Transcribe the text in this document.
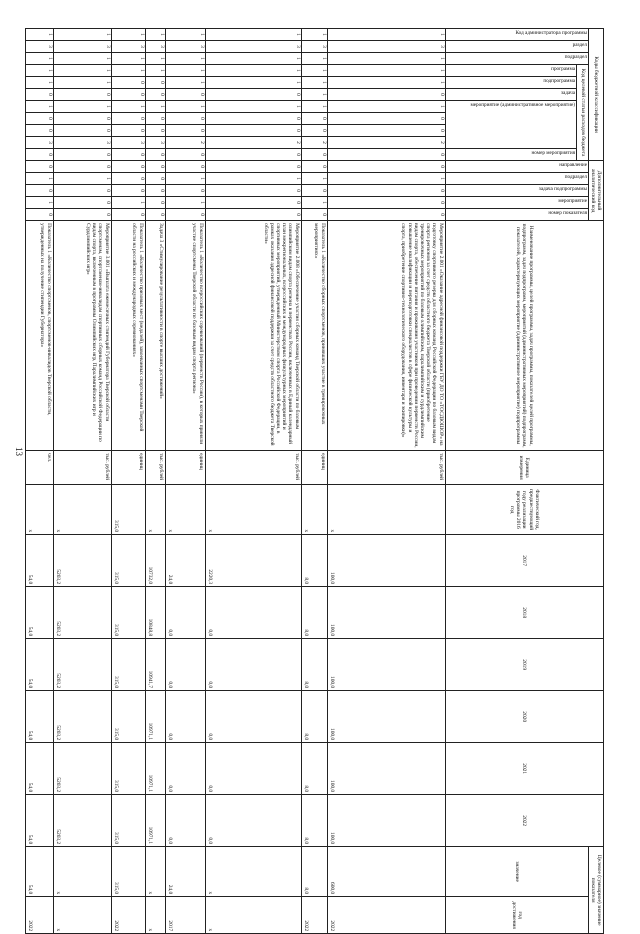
13
Коды бюджетной классификации											Дополнительный аналитический код					Наименование программы, целей программы, задач программы, показателей целей программы, подпрограмм, задач подпрограмм, мероприятий (административных мероприятий) подпрограмм, показателей, характеризующих мероприятие (административное мероприятие) подпрограммы	Единица измерения	Фактический год, предшествующий году реализации программы 2016 год	2017	2018	2019	2020	2021	2022	Целевое (суммарное) значение показателя	

Код администратора программы	раздел	подраздел	Код целевой статьи расходов бюджета								направление	подраздел	задача подпрограммы	мероприятие	номер показателя										значение	год достижения

			программа	подпрограмма	задача	мероприятие (административное мероприятие)				номер мероприятия																

1	3	1	1	1	0	1	0	0	2	0	0	1	0	0	0	Мероприятие 2.001 «Оказание адресной финансовой поддержки ГБУ ДО ТО «ТОСДЮШОР» на подготовку спортивного резерва для сборных команд Российской Федерации по базовым видам спорта регионов за счет средств областного бюджета Тверской области (приобретение тренировочных мероприятий по базовым олимпийским, паралимпийским и сурдлимпийским видам спорта, обеспечение питания и проживания участников при проведении первенств России, повышение квалификации и переподготовки специалистов в сфере физической культуры и спорта, приобретение спортивно-технологического оборудования, инвентаря и экипировки)»	тыс. рублей	x	100,0	100,0	100,0	100,0	100,0	100,0	600,0	2022
1	3	1	1	1	1	1	0	0	2	0	0	1	0	1	0	Показатель 1 «Количество сборных спортсменов, принявших участие в тренировочных мероприятиях»	единиц	x	8,0	8,0	8,0	8,0	8,0	8,0	8,0	2022
1	3	1	1	1	0	1	0	0	2	0	0	1	0	0	0	Мероприятие 2.008 «Обеспечение участия сборных команд Тверской области по базовым олимпийским видам спорта региона в первенствах России, включенных в Единый календарный план межрегиональных, всероссийских и международных физкультурных мероприятий и спортивных мероприятий, утвержденный Министерством спорта Российской Федерации, в рамках оказания адресной финансовой поддержки за счет средств областного бюджета Тверской области»	тыс. рублей	x	2220,3	0,0	0,0	0,0	0,0	0,0	x	x
1	3	1	1	1	0	1	0	0	2	0	0	1	0	1	0	Показатель 1 «Количество всероссийских соревнований (первенств России), в которых приняли участие спортсмены Тверской области по базовым видам спорта региона»	единиц	x	24,0	0,0	0,0	0,0	0,0	0,0	24,0	2017
1	3	1	1	0	0	1	0	0	3	0	0	0	0	0	0	Задача 3 «Стимулирование результативности в спорте высших достижений»	тыс. рублей	x	10732,0	10848,8	10941,7	10971,1	10971,1	10971,1	x	x
1	3	1	1	0	0	1	0	0	3	0	0	0	0	1	0	Показатель 1 «Количество призовых мест (медалей), завоеванных спортсменами Тверской области на российских и международных соревнованиях»	единиц	315,0	315,0	315,0	315,0	315,0	315,0	315,0	315,0	2022
1	3	1	1	1	0	1	0	0	3	0	0	1	0	0	0	Мероприятие 3.001 «Выплата ежемесячных стипендий Губернатора Тверской области спортсменам, спортсменам-инвалидам спортивных сборных команд Российской Федерации по видам спорта, включенным в программы Олимпийских игр, Паралимпийских игр и Сурдлимпийских игр»	тыс. рублей	x	5203,2	5203,2	5203,2	5203,2	5203,2	5203,2	x	x
1	3	1	1	1	0	1	0	0	3	0	0	1	0	1	0	Показатель 1 «Количество спортсменов, спортсменов-инвалидов Тверской области, утвержденных на получение стипендии Губернатора»	чел.	x	54,0	54,0	54,0	54,0	54,0	54,0	54,0	2022
